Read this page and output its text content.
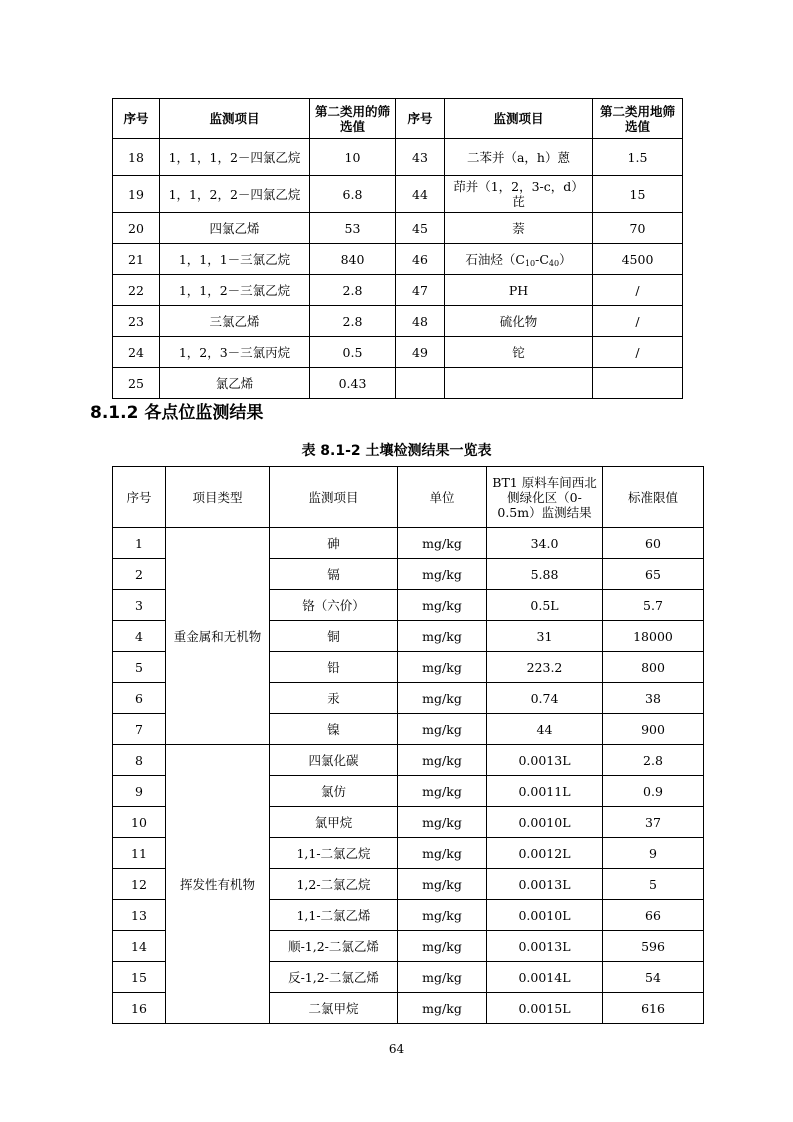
序号	监测项目	第二类用的筛选值	序号	监测项目	第二类用地筛选值
18	1，1，1，2－四氯乙烷	10	43	二苯并（a，h）蒽	1.5
19	1，1，2，2－四氯乙烷	6.8	44	茚并（1，2，3-c，d）芘	15
20	四氯乙烯	53	45	萘	70
21	1，1，1－三氯乙烷	840	46	石油烃$(C_{10}-C_{40})$	4500
22	1，1，2－三氯乙烷	2.8	47	PH	/
23	三氯乙烯	2.8	48	硫化物	/
24	1，2，3－三氯丙烷	0.5	49	铊	/
25	氯乙烯	0.43			
8.1.2 各点位监测结果
表 8.1-2 土壤检测结果一览表
序号	项目类型	监测项目	单位	BT1 原料车间西北侧绿化区（0-0.5m）监测结果	标准限值
1	重金属和无机物	砷	mg/kg	34.0	60
2		镉	mg/kg	5.88	65
3		铬（六价）	mg/kg	0.5L	5.7
4		铜	mg/kg	31	18000
5		铅	mg/kg	223.2	800
6		汞	mg/kg	0.74	38
7		镍	mg/kg	44	900
8	挥发性有机物	四氯化碳	mg/kg	0.0013L	2.8
9		氯仿	mg/kg	0.0011L	0.9
10		氯甲烷	mg/kg	0.0010L	37
11		1,1-二氯乙烷	mg/kg	0.0012L	9
12		1,2-二氯乙烷	mg/kg	0.0013L	5
13		1,1-二氯乙烯	mg/kg	0.0010L	66
14		顺-1,2-二氯乙烯	mg/kg	0.0013L	596
15		反-1,2-二氯乙烯	mg/kg	0.0014L	54
16		二氯甲烷	mg/kg	0.0015L	616
64
